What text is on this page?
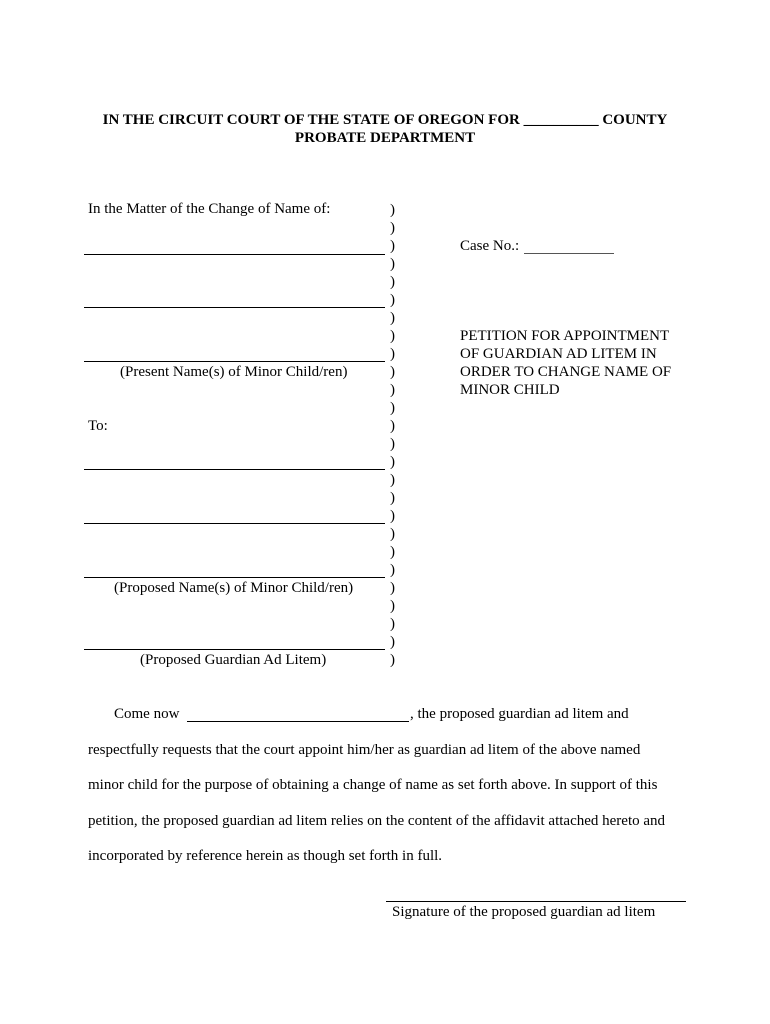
IN THE CIRCUIT COURT OF THE STATE OF OREGON FOR __________ COUNTY
PROBATE DEPARTMENT
In the Matter of the Change of Name of:
(Present Name(s) of Minor Child/ren)
To:
(Proposed Name(s) of Minor Child/ren)
(Proposed Guardian Ad Litem)
)
)
)
)
)
)
)
)
)
)
)
)
)
)
)
)
)
)
)
)
)
)
)
)
)
)
Case No.:
PETITION FOR APPOINTMENT
OF GUARDIAN AD LITEM IN
ORDER TO CHANGE NAME OF
MINOR CHILD
Come now	, the proposed guardian ad litem and
respectfully requests that the court appoint him/her as guardian ad litem of the above named
minor child for the purpose of obtaining a change of name as set forth above. In support of this
petition, the proposed guardian ad litem relies on the content of the affidavit attached hereto and
incorporated by reference herein as though set forth in full.
Signature of the proposed guardian ad litem
